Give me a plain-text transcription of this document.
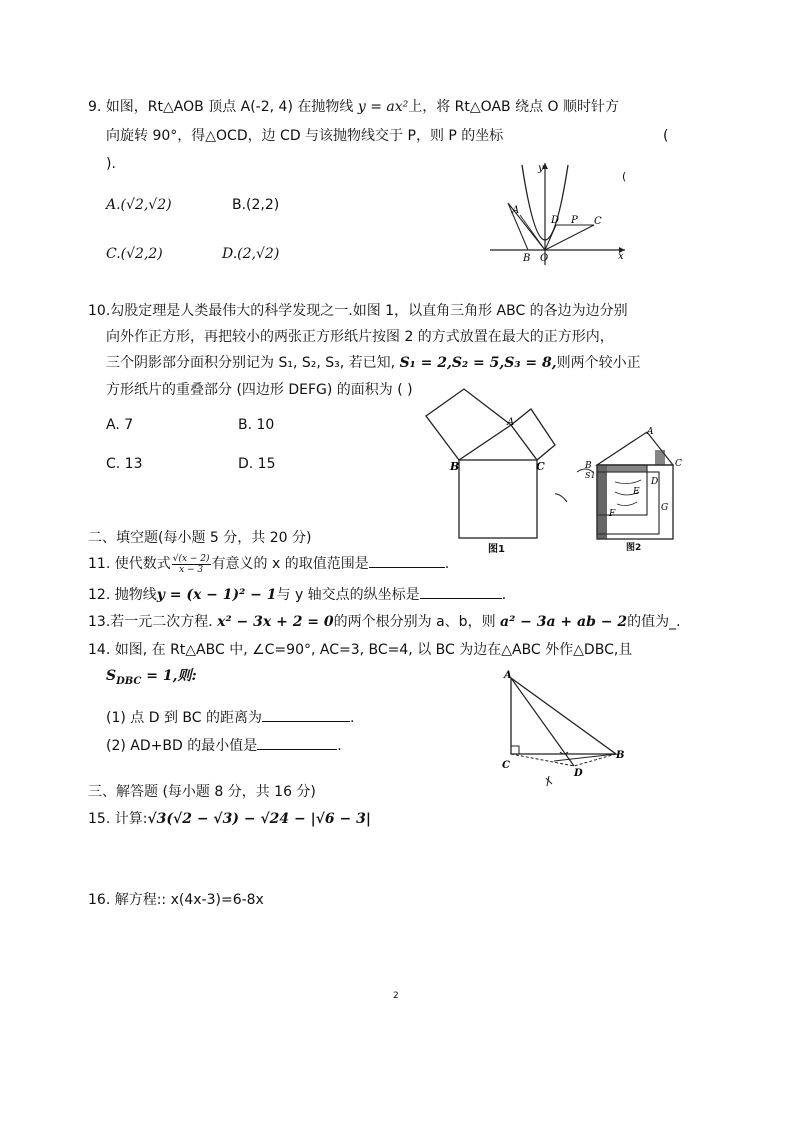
9. 如图，Rt△AOB 顶点 A(-2, 4) 在抛物线 y = ax²上，将 Rt△OAB 绕点 O 顺时针方
向旋转 90°，得△OCD，边 CD 与该抛物线交于 P，则 P 的坐标	(
).
(
A.(√2,√2)	B.(2,2)
C.(√2,2)	D.(2,√2)
A
B O
D P C
x
y
10.勾股定理是人类最伟大的科学发现之一.如图 1，以直角三角形 ABC 的各边为边分别
向外作正方形，再把较小的两张正方形纸片按图 2 的方式放置在最大的正方形内，
三个阴影部分面积分别记为 S₁, S₂, S₃, 若已知, S₁ = 2,S₂ = 5,S₃ = 8,则两个较小正
方形纸片的重叠部分 (四边形 DEFG) 的面积为 ( )
A. 7	B. 10
C. 13	D. 15
A
B	C
图1
A
B	C
S1
D
E
F
G
图2
二、填空题(每小题 5 分，共 20 分)
11. 使代数式 $\frac{√(x - 2)}{x - 3}$ 有意义的 x 的取值范围是	.
12. 抛物线y = (x − 1)² − 1与 y 轴交点的纵坐标是	.
13.若一元二次方程. x² − 3x + 2 = 0的两个根分别为 a、b，则 a² − 3a + ab − 2的值为_.
14. 如图, 在 Rt△ABC 中, ∠C=90°, AC=3, BC=4, 以 BC 为边在△ABC 外作△DBC,且
$S_{DBC} = 1$,则:
(1) 点 D 到 BC 的距离为	.
(2) AD+BD 的最小值是	.
A
B
C
D
三、解答题 (每小题 8 分，共 16 分)
15. 计算:√3(√2 − √3) − √24 − |√6 − 3|
16. 解方程:: x(4x-3)=6-8x
2
